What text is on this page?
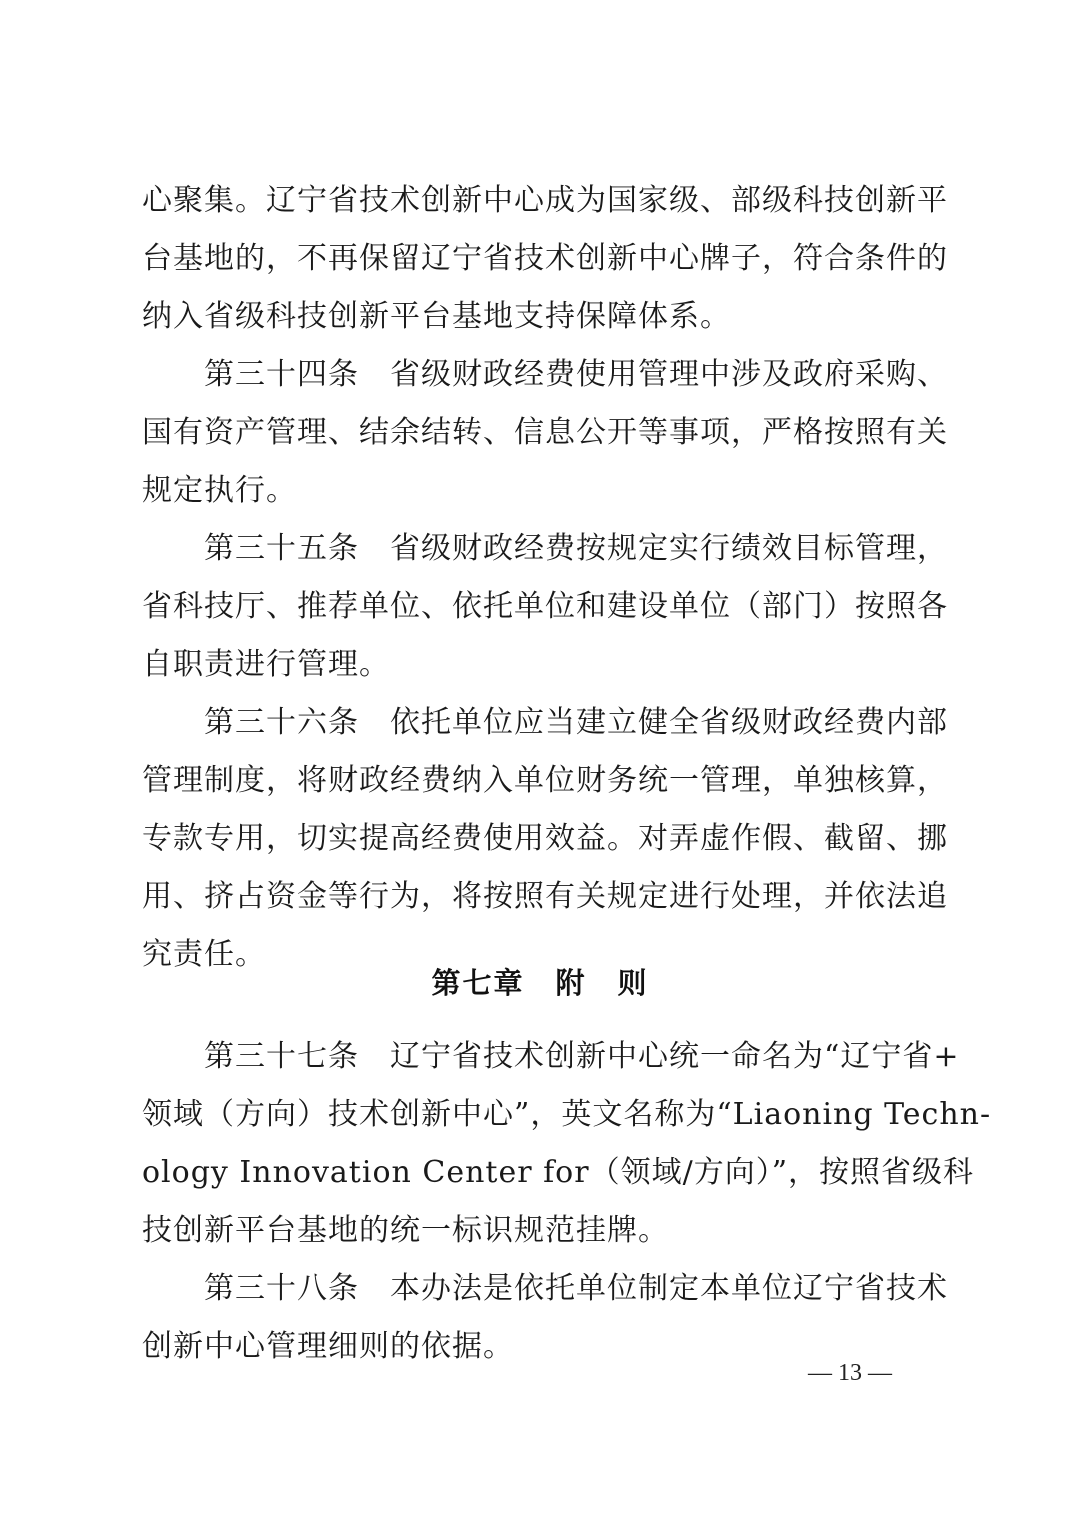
心聚集。辽宁省技术创新中心成为国家级、部级科技创新平
台基地的，不再保留辽宁省技术创新中心牌子，符合条件的
纳入省级科技创新平台基地支持保障体系。
　　第三十四条　省级财政经费使用管理中涉及政府采购、
国有资产管理、结余结转、信息公开等事项，严格按照有关
规定执行。
　　第三十五条　省级财政经费按规定实行绩效目标管理，
省科技厅、推荐单位、依托单位和建设单位（部门）按照各
自职责进行管理。
　　第三十六条　依托单位应当建立健全省级财政经费内部
管理制度，将财政经费纳入单位财务统一管理，单独核算，
专款专用，切实提高经费使用效益。对弄虚作假、截留、挪
用、挤占资金等行为，将按照有关规定进行处理，并依法追
究责任。
第七章　附　则
　　第三十七条　辽宁省技术创新中心统一命名为“辽宁省+
领域（方向）技术创新中心”，英文名称为“Liaoning Techn-
ology Innovation Center for（领域/方向）”，按照省级科
技创新平台基地的统一标识规范挂牌。
　　第三十八条　本办法是依托单位制定本单位辽宁省技术
创新中心管理细则的依据。
— 13 —
